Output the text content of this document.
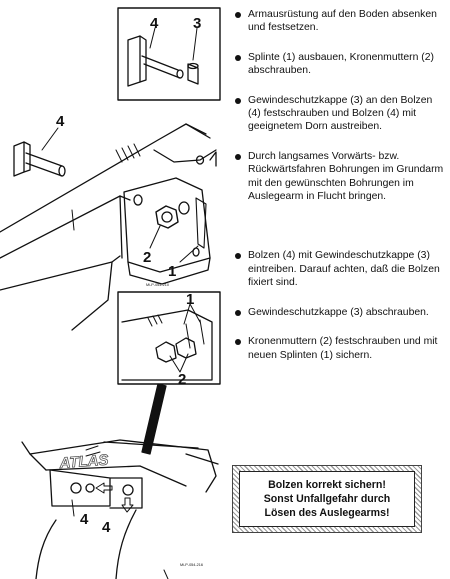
4 3
4
2
1
1
2
4 4
ATLAS
Mi-P-054-210
Mi-P-054-216
Armausrüstung auf den Boden absenken und festsetzen.
Splinte (1) ausbauen, Kronenmuttern (2) abschrauben.
Gewindeschutzkappe (3) an den Bolzen (4) festschrauben und Bolzen (4) mit geeignetem Dorn austreiben.
Durch langsames Vorwärts- bzw. Rückwärtsfahren Bohrungen im Grundarm mit den gewünschten Bohrungen im Auslegearm in Flucht bringen.
Bolzen (4) mit Gewindeschutzkappe (3) eintreiben. Darauf achten, daß die Bolzen fixiert sind.
Gewindeschutzkappe (3) abschrauben.
Kronenmuttern (2) festschrauben und mit neuen Splinten (1) sichern.
Bolzen korrekt sichern!
Sonst Unfallgefahr durch
Lösen des Auslegearms!
